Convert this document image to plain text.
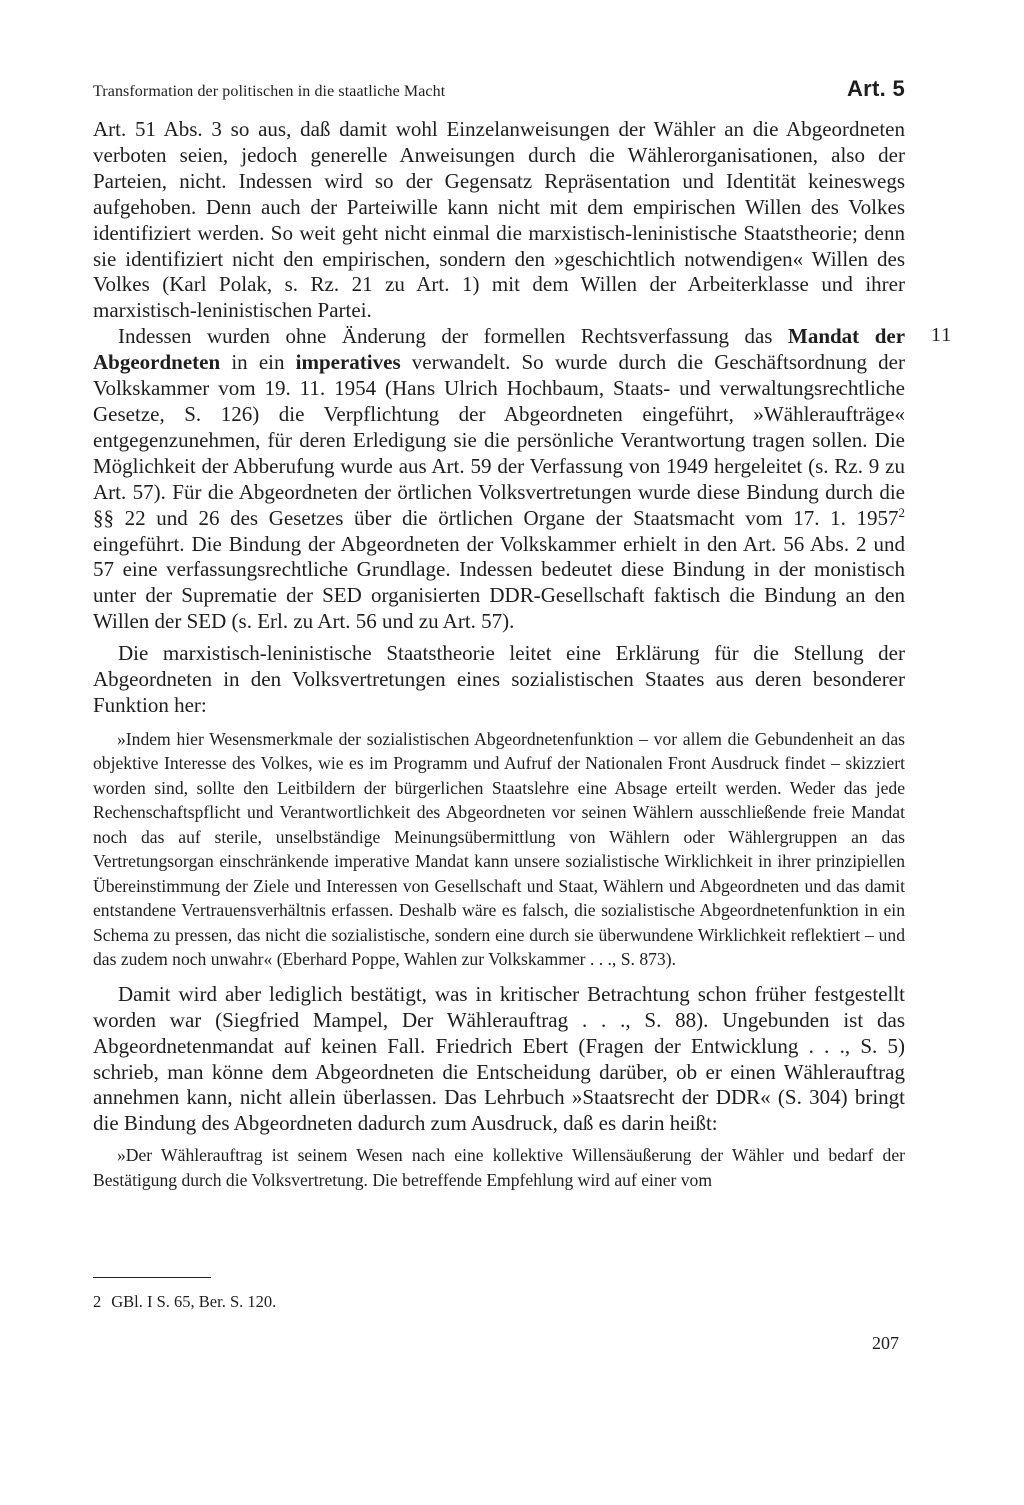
Transformation der politischen in die staatliche Macht	Art. 5

Art. 51 Abs. 3 so aus, daß damit wohl Einzelanweisungen der Wähler an die Abgeordneten verboten seien, jedoch generelle Anweisungen durch die Wählerorganisationen, also der Parteien, nicht. Indessen wird so der Gegensatz Repräsentation und Identität keineswegs aufgehoben. Denn auch der Parteiwille kann nicht mit dem empirischen Willen des Volkes identifiziert werden. So weit geht nicht einmal die marxistisch-leninistische Staatstheorie; denn sie identifiziert nicht den empirischen, sondern den »geschichtlich notwendigen« Willen des Volkes (Karl Polak, s. Rz. 21 zu Art. 1) mit dem Willen der Arbeiterklasse und ihrer marxistisch-leninistischen Partei.

11

Indessen wurden ohne Änderung der formellen Rechtsverfassung das Mandat der Abgeordneten in ein imperatives verwandelt. So wurde durch die Geschäftsordnung der Volkskammer vom 19. 11. 1954 (Hans Ulrich Hochbaum, Staats- und verwaltungsrechtliche Gesetze, S. 126) die Verpflichtung der Abgeordneten eingeführt, »Wähleraufträge« entgegenzunehmen, für deren Erledigung sie die persönliche Verantwortung tragen sollen. Die Möglichkeit der Abberufung wurde aus Art. 59 der Verfassung von 1949 hergeleitet (s. Rz. 9 zu Art. 57). Für die Abgeordneten der örtlichen Volksvertretungen wurde diese Bindung durch die §§ 22 und 26 des Gesetzes über die örtlichen Organe der Staatsmacht vom 17. 1. 1957$^2$ eingeführt. Die Bindung der Abgeordneten der Volkskammer erhielt in den Art. 56 Abs. 2 und 57 eine verfassungsrechtliche Grundlage. Indessen bedeutet diese Bindung in der monistisch unter der Suprematie der SED organisierten DDR-Gesellschaft faktisch die Bindung an den Willen der SED (s. Erl. zu Art. 56 und zu Art. 57).

Die marxistisch-leninistische Staatstheorie leitet eine Erklärung für die Stellung der Abgeordneten in den Volksvertretungen eines sozialistischen Staates aus deren besonderer Funktion her:

»Indem hier Wesensmerkmale der sozialistischen Abgeordnetenfunktion – vor allem die Gebundenheit an das objektive Interesse des Volkes, wie es im Programm und Aufruf der Nationalen Front Ausdruck findet – skizziert worden sind, sollte den Leitbildern der bürgerlichen Staatslehre eine Absage erteilt werden. Weder das jede Rechenschaftspflicht und Verantwortlichkeit des Abgeordneten vor seinen Wählern ausschließende freie Mandat noch das auf sterile, unselbständige Meinungsübermittlung von Wählern oder Wählergruppen an das Vertretungsorgan einschränkende imperative Mandat kann unsere sozialistische Wirklichkeit in ihrer prinzipiellen Übereinstimmung der Ziele und Interessen von Gesellschaft und Staat, Wählern und Abgeordneten und das damit entstandene Vertrauensverhältnis erfassen. Deshalb wäre es falsch, die sozialistische Abgeordnetenfunktion in ein Schema zu pressen, das nicht die sozialistische, sondern eine durch sie überwundene Wirklichkeit reflektiert – und das zudem noch unwahr« (Eberhard Poppe, Wahlen zur Volkskammer . . ., S. 873).

Damit wird aber lediglich bestätigt, was in kritischer Betrachtung schon früher festgestellt worden war (Siegfried Mampel, Der Wählerauftrag . . ., S. 88). Ungebunden ist das Abgeordnetenmandat auf keinen Fall. Friedrich Ebert (Fragen der Entwicklung . . ., S. 5) schrieb, man könne dem Abgeordneten die Entscheidung darüber, ob er einen Wählerauftrag annehmen kann, nicht allein überlassen. Das Lehrbuch »Staatsrecht der DDR« (S. 304) bringt die Bindung des Abgeordneten dadurch zum Ausdruck, daß es darin heißt:

»Der Wählerauftrag ist seinem Wesen nach eine kollektive Willensäußerung der Wähler und bedarf der Bestätigung durch die Volksvertretung. Die betreffende Empfehlung wird auf einer vom

2 GBl. I S. 65, Ber. S. 120.
207
